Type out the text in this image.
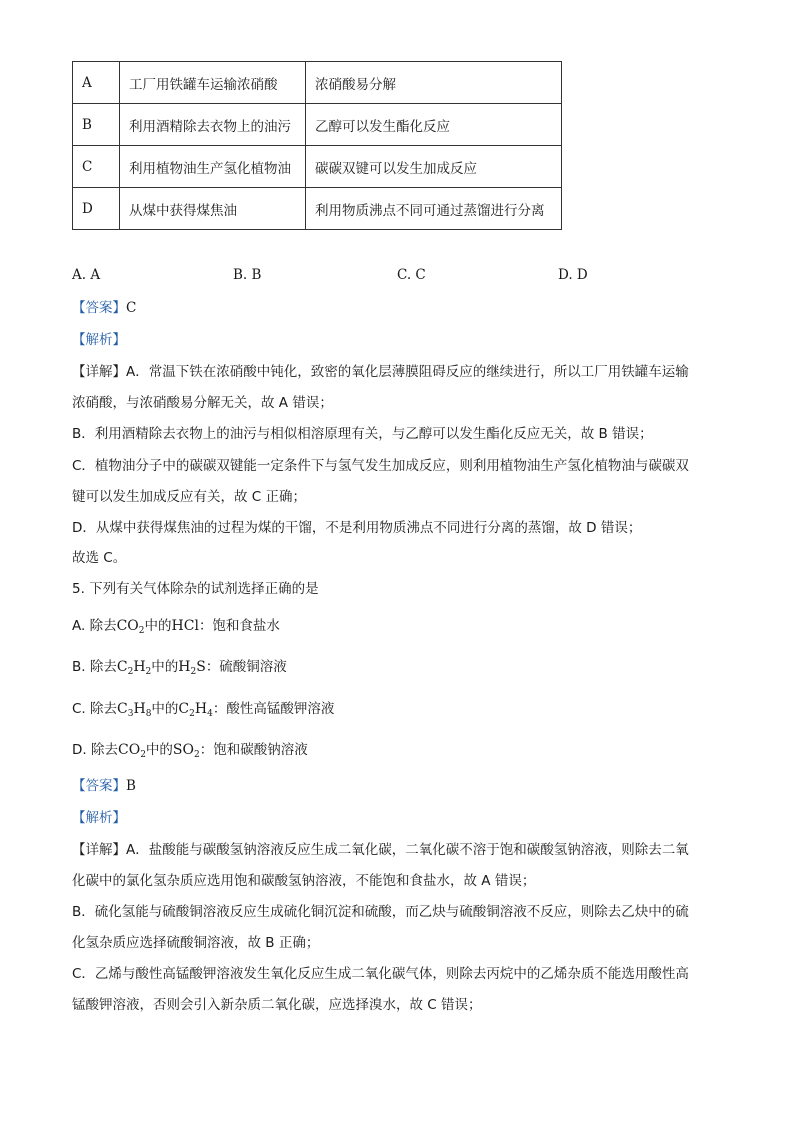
A	工厂用铁罐车运输浓硝酸	浓硝酸易分解
B	利用酒精除去衣物上的油污	乙醇可以发生酯化反应
C	利用植物油生产氢化植物油	碳碳双键可以发生加成反应
D	从煤中获得煤焦油	利用物质沸点不同可通过蒸馏进行分离
A. A	B. B	C. C	D. D
【答案】C
【解析】
【详解】A．常温下铁在浓硝酸中钝化，致密的氧化层薄膜阻碍反应的继续进行，所以工厂用铁罐车运输
浓硝酸，与浓硝酸易分解无关，故 A 错误；
B．利用酒精除去衣物上的油污与相似相溶原理有关，与乙醇可以发生酯化反应无关，故 B 错误；
C．植物油分子中的碳碳双键能一定条件下与氢气发生加成反应，则利用植物油生产氢化植物油与碳碳双
键可以发生加成反应有关，故 C 正确；
D．从煤中获得煤焦油的过程为煤的干馏，不是利用物质沸点不同进行分离的蒸馏，故 D 错误；
故选 C。
5. 下列有关气体除杂的试剂选择正确的是
A. 除去$CO_2$中的HCl：饱和食盐水
B. 除去$C_2H_2$中的$H_2S$：硫酸铜溶液
C. 除去$C_3H_8$中的$C_2H_4$：酸性高锰酸钾溶液
D. 除去$CO_2$中的$SO_2$：饱和碳酸钠溶液
【答案】B
【解析】
【详解】A．盐酸能与碳酸氢钠溶液反应生成二氧化碳，二氧化碳不溶于饱和碳酸氢钠溶液，则除去二氧
化碳中的氯化氢杂质应选用饱和碳酸氢钠溶液，不能饱和食盐水，故 A 错误；
B．硫化氢能与硫酸铜溶液反应生成硫化铜沉淀和硫酸，而乙炔与硫酸铜溶液不反应，则除去乙炔中的硫
化氢杂质应选择硫酸铜溶液，故 B 正确；
C．乙烯与酸性高锰酸钾溶液发生氧化反应生成二氧化碳气体，则除去丙烷中的乙烯杂质不能选用酸性高
锰酸钾溶液，否则会引入新杂质二氧化碳，应选择溴水，故 C 错误；
